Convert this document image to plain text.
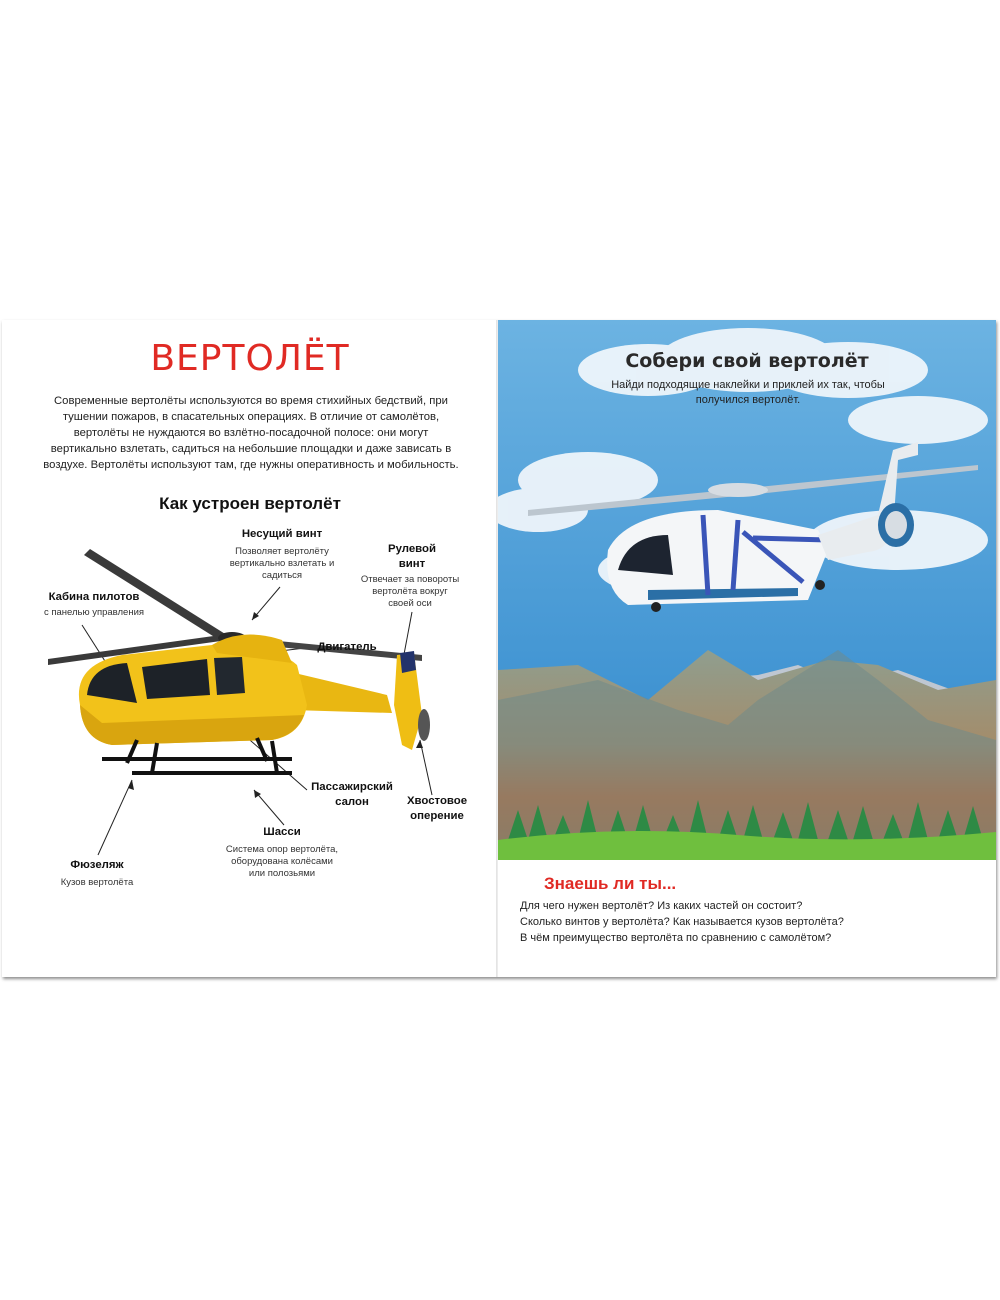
ВЕРТОЛЁТ

Современные вертолёты используются во время стихийных бедствий, при тушении пожаров, в спасательных операциях. В отличие от самолётов, вертолёты не нуждаются во взлётно-посадочной полосе: они могут вертикально взлетать, садиться на небольшие площадки и даже зависать в воздухе. Вертолёты используют там, где нужны оперативность и мобильность.

Как устроен вертолёт
Несущий винт
Позволяет вертолёту вертикально взлетать и садиться
Рулевой винт
Отвечает за повороты вертолёта вокруг своей оси
Кабина пилотов
с панелью управления
Двигатель
Пассажирский салон	Хвостовое оперение
Фюзеляж
Кузов вертолёта
Шасси
Система опор вертолёта, оборудована колёсами или полозьями
Собери свой вертолёт

Найди подходящие наклейки и приклей их так, чтобы получился вертолёт.

Знаешь ли ты...
Для чего нужен вертолёт? Из каких частей он состоит?
Сколько винтов у вертолёта? Как называется кузов вертолёта?
В чём преимущество вертолёта по сравнению с самолётом?
